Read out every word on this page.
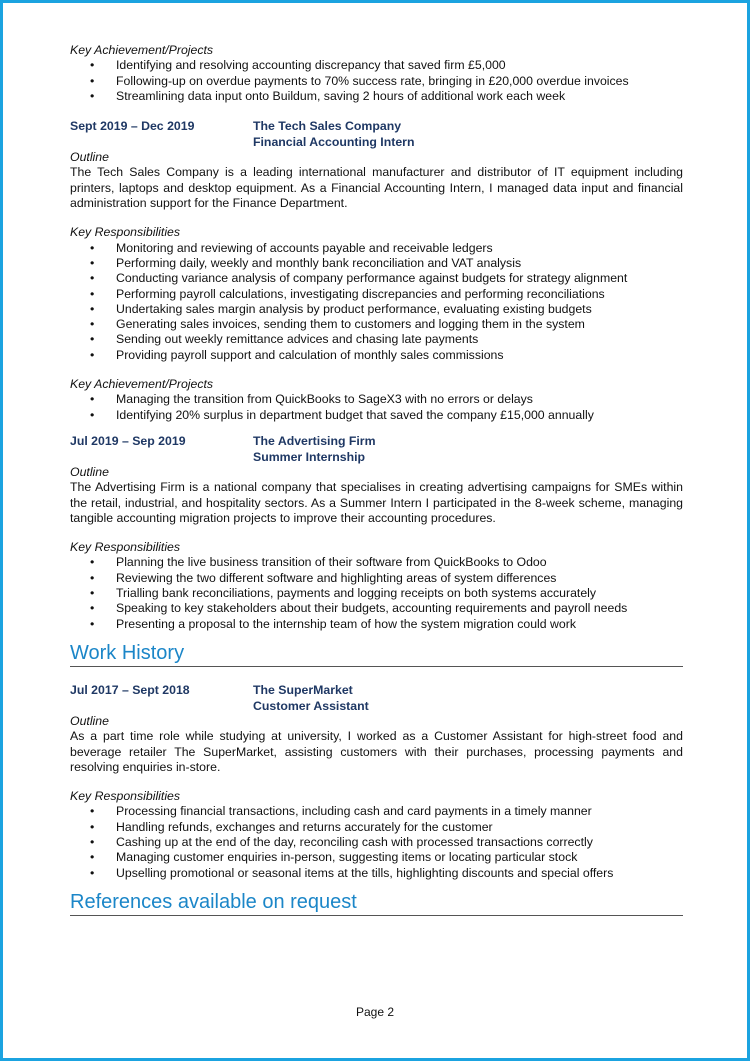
Key Achievement/Projects
• Identifying and resolving accounting discrepancy that saved firm £5,000
• Following-up on overdue payments to 70% success rate, bringing in £20,000 overdue invoices
• Streamlining data input onto Buildum, saving 2 hours of additional work each week
Sept 2019 – Dec 2019	The Tech Sales Company
Financial Accounting Intern
Outline
The Tech Sales Company is a leading international manufacturer and distributor of IT equipment including printers, laptops and desktop equipment. As a Financial Accounting Intern, I managed data input and financial administration support for the Finance Department.
Key Responsibilities
• Monitoring and reviewing of accounts payable and receivable ledgers
• Performing daily, weekly and monthly bank reconciliation and VAT analysis
• Conducting variance analysis of company performance against budgets for strategy alignment
• Performing payroll calculations, investigating discrepancies and performing reconciliations
• Undertaking sales margin analysis by product performance, evaluating existing budgets
• Generating sales invoices, sending them to customers and logging them in the system
• Sending out weekly remittance advices and chasing late payments
• Providing payroll support and calculation of monthly sales commissions
Key Achievement/Projects
• Managing the transition from QuickBooks to SageX3 with no errors or delays
• Identifying 20% surplus in department budget that saved the company £15,000 annually
Jul 2019 – Sep 2019	The Advertising Firm
Summer Internship
Outline
The Advertising Firm is a national company that specialises in creating advertising campaigns for SMEs within the retail, industrial, and hospitality sectors. As a Summer Intern I participated in the 8-week scheme, managing tangible accounting migration projects to improve their accounting procedures.
Key Responsibilities
• Planning the live business transition of their software from QuickBooks to Odoo
• Reviewing the two different software and highlighting areas of system differences
• Trialling bank reconciliations, payments and logging receipts on both systems accurately
• Speaking to key stakeholders about their budgets, accounting requirements and payroll needs
• Presenting a proposal to the internship team of how the system migration could work
Work History
Jul 2017 – Sept 2018	The SuperMarket
Customer Assistant
Outline
As a part time role while studying at university, I worked as a Customer Assistant for high-street food and beverage retailer The SuperMarket, assisting customers with their purchases, processing payments and resolving enquiries in-store.
Key Responsibilities
• Processing financial transactions, including cash and card payments in a timely manner
• Handling refunds, exchanges and returns accurately for the customer
• Cashing up at the end of the day, reconciling cash with processed transactions correctly
• Managing customer enquiries in-person, suggesting items or locating particular stock
• Upselling promotional or seasonal items at the tills, highlighting discounts and special offers
References available on request
Page 2
